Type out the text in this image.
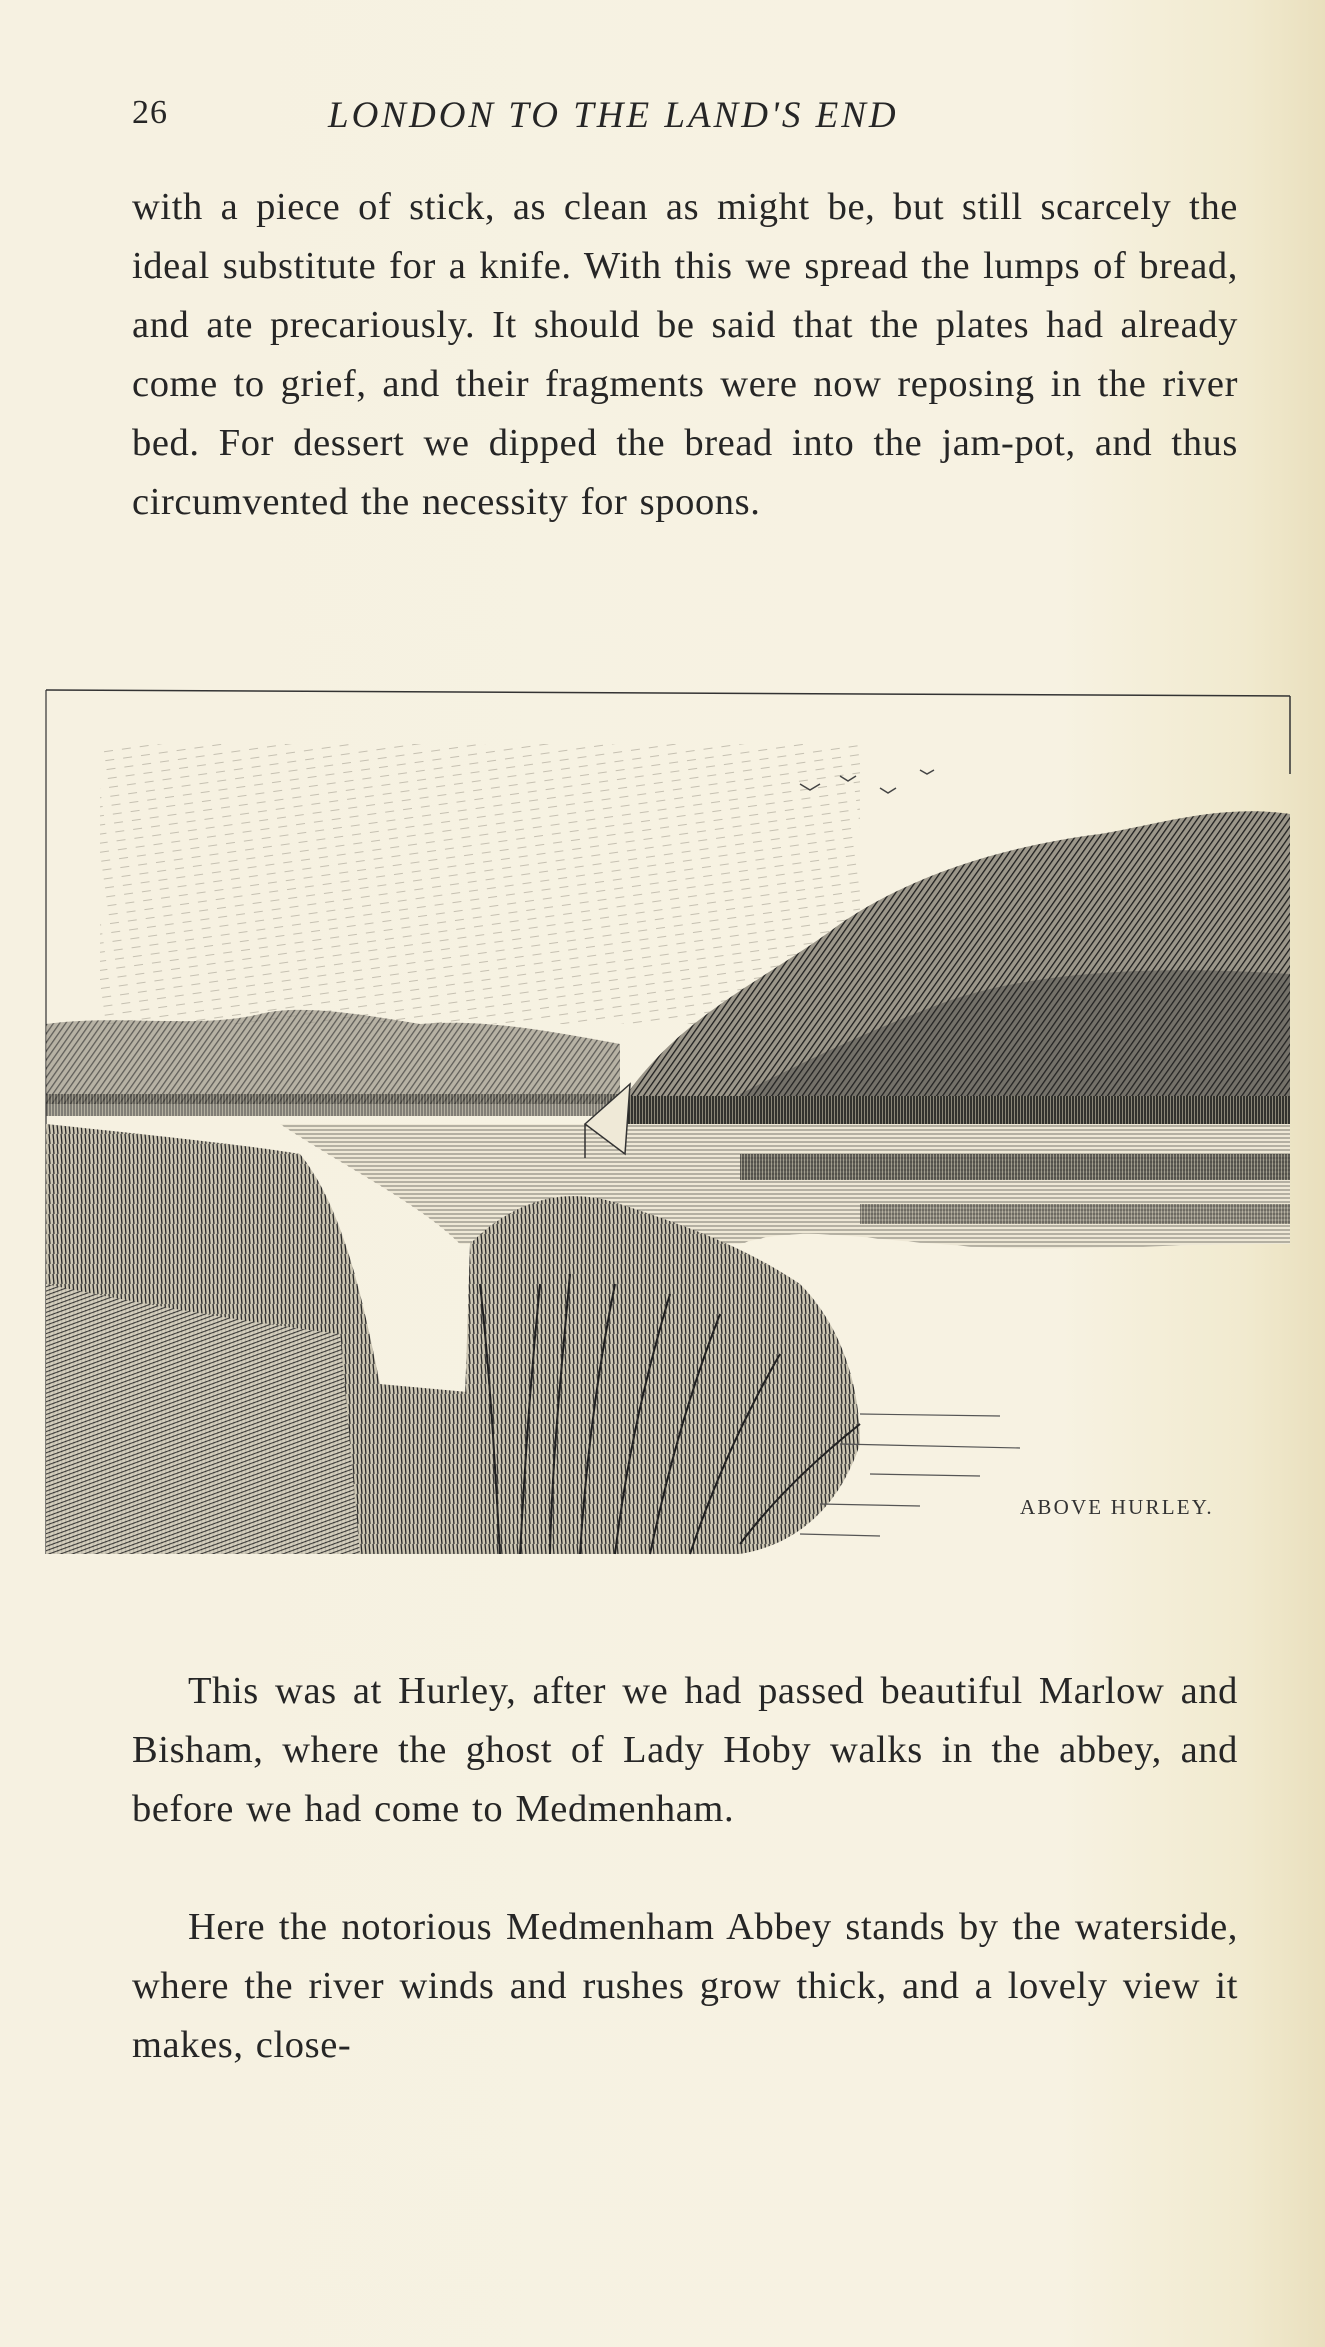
26	LONDON TO THE LAND'S END

with a piece of stick, as clean as might be, but still scarcely the ideal substitute for a knife. With this we spread the lumps of bread, and ate precariously. It should be said that the plates had already come to grief, and their fragments were now reposing in the river bed. For dessert we dipped the bread into the jam-pot, and thus circumvented the necessity for spoons.

ABOVE HURLEY.

This was at Hurley, after we had passed beautiful Marlow and Bisham, where the ghost of Lady Hoby walks in the abbey, and before we had come to Medmenham.

Here the notorious Medmenham Abbey stands by the waterside, where the river winds and rushes grow thick, and a lovely view it makes, close-
